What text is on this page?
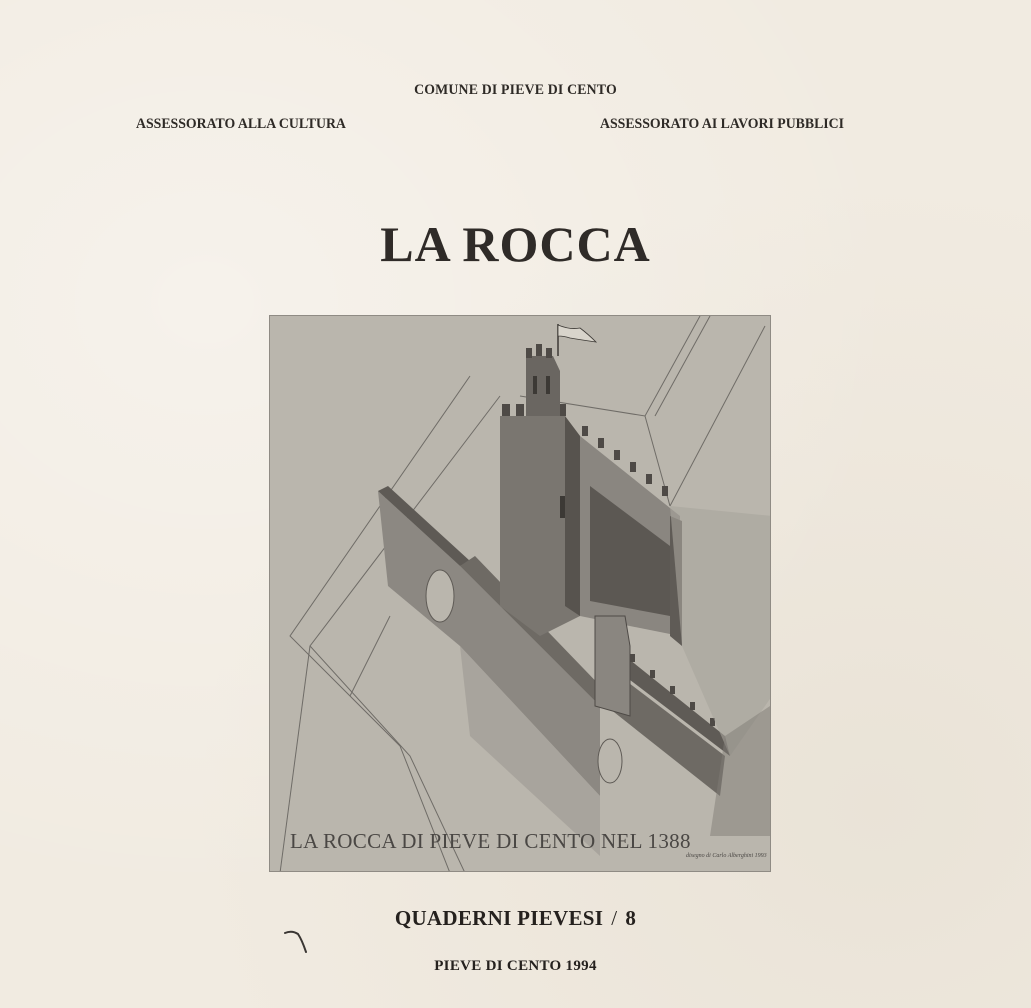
COMUNE DI PIEVE DI CENTO
ASSESSORATO ALLA CULTURA	ASSESSORATO AI LAVORI PUBBLICI
LA ROCCA
LA ROCCA DI PIEVE DI CENTO NEL 1388
disegno di Carlo Alberghini 1993
QUADERNI PIEVESI / 8
PIEVE DI CENTO 1994
